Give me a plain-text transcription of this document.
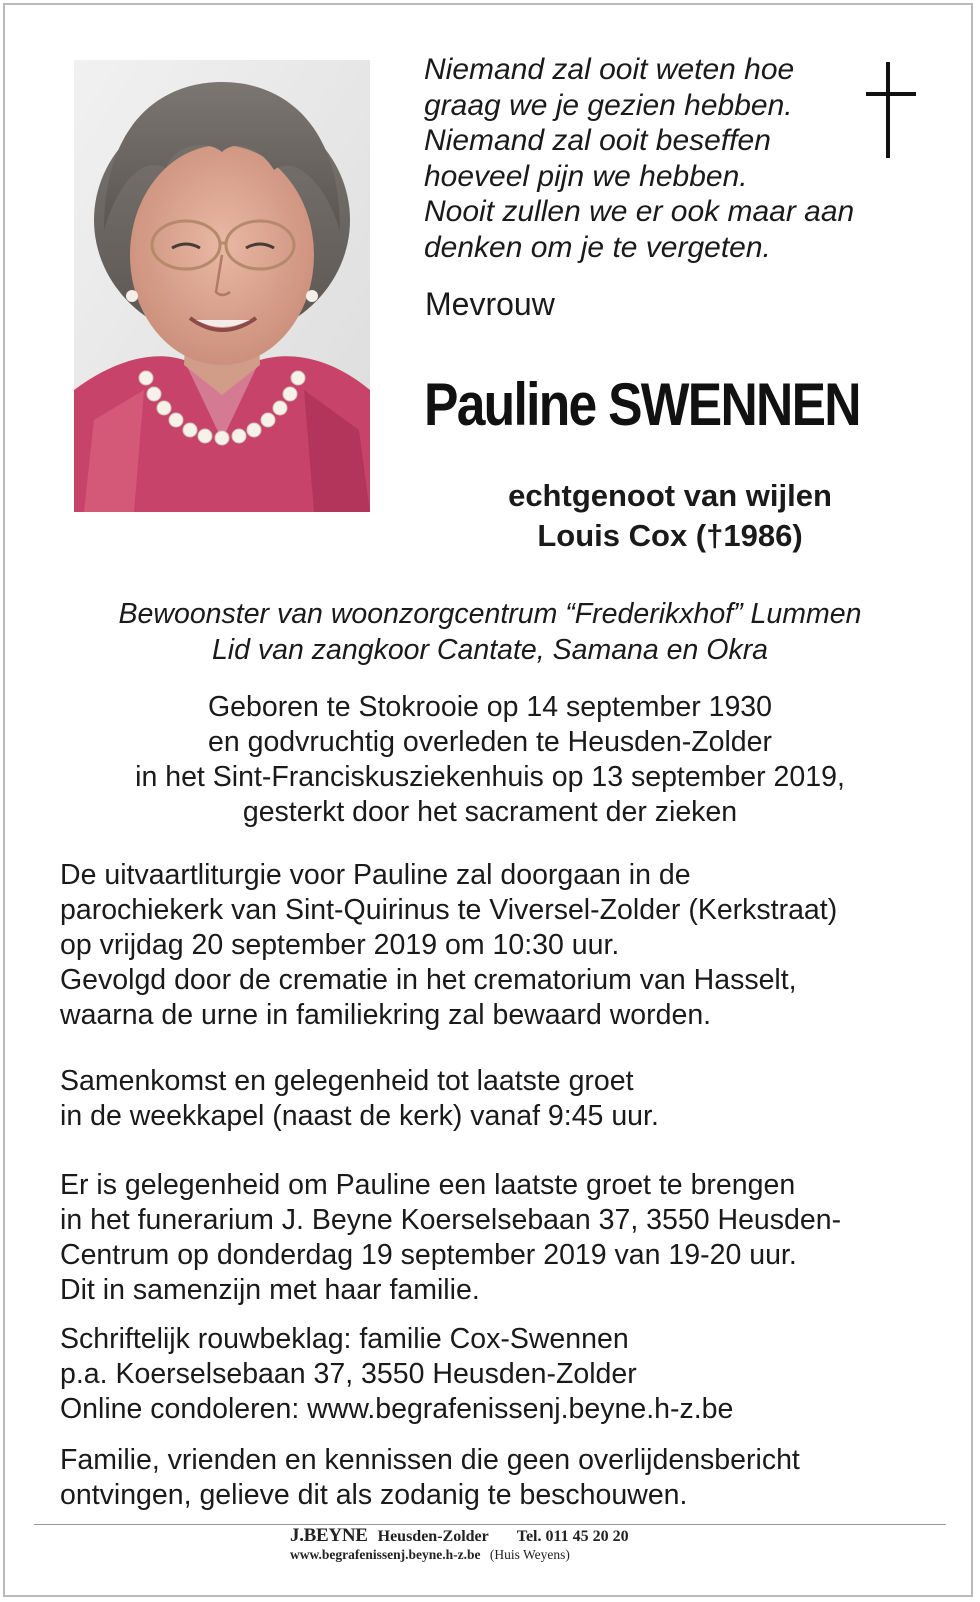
Niemand zal ooit weten hoe
graag we je gezien hebben.
Niemand zal ooit beseffen
hoeveel pijn we hebben.
Nooit zullen we er ook maar aan
denken om je te vergeten.
Mevrouw
Pauline SWENNEN
echtgenoot van wijlen
Louis Cox (†1986)
Bewoonster van woonzorgcentrum “Frederikxhof” Lummen
Lid van zangkoor Cantate, Samana en Okra
Geboren te Stokrooie op 14 september 1930
en godvruchtig overleden te Heusden-Zolder
in het Sint-Franciskusziekenhuis op 13 september 2019,
gesterkt door het sacrament der zieken
De uitvaartliturgie voor Pauline zal doorgaan in de
parochiekerk van Sint-Quirinus te Viversel-Zolder (Kerkstraat)
op vrijdag 20 september 2019 om 10:30 uur.
Gevolgd door de crematie in het crematorium van Hasselt,
waarna de urne in familiekring zal bewaard worden.
Samenkomst en gelegenheid tot laatste groet
in de weekkapel (naast de kerk) vanaf 9:45 uur.
Er is gelegenheid om Pauline een laatste groet te brengen
in het funerarium J. Beyne Koerselsebaan 37, 3550 Heusden-
Centrum op donderdag 19 september 2019 van 19-20 uur.
Dit in samenzijn met haar familie.
Schriftelijk rouwbeklag: familie Cox-Swennen
p.a. Koerselsebaan 37, 3550 Heusden-Zolder
Online condoleren: www.begrafenissenj.beyne.h-z.be
Familie, vrienden en kennissen die geen overlijdensbericht
ontvingen, gelieve dit als zodanig te beschouwen.
J.BEYNE Heusden-Zolder Tel. 011 45 20 20
www.begrafenissenj.beyne.h-z.be (Huis Weyens)
